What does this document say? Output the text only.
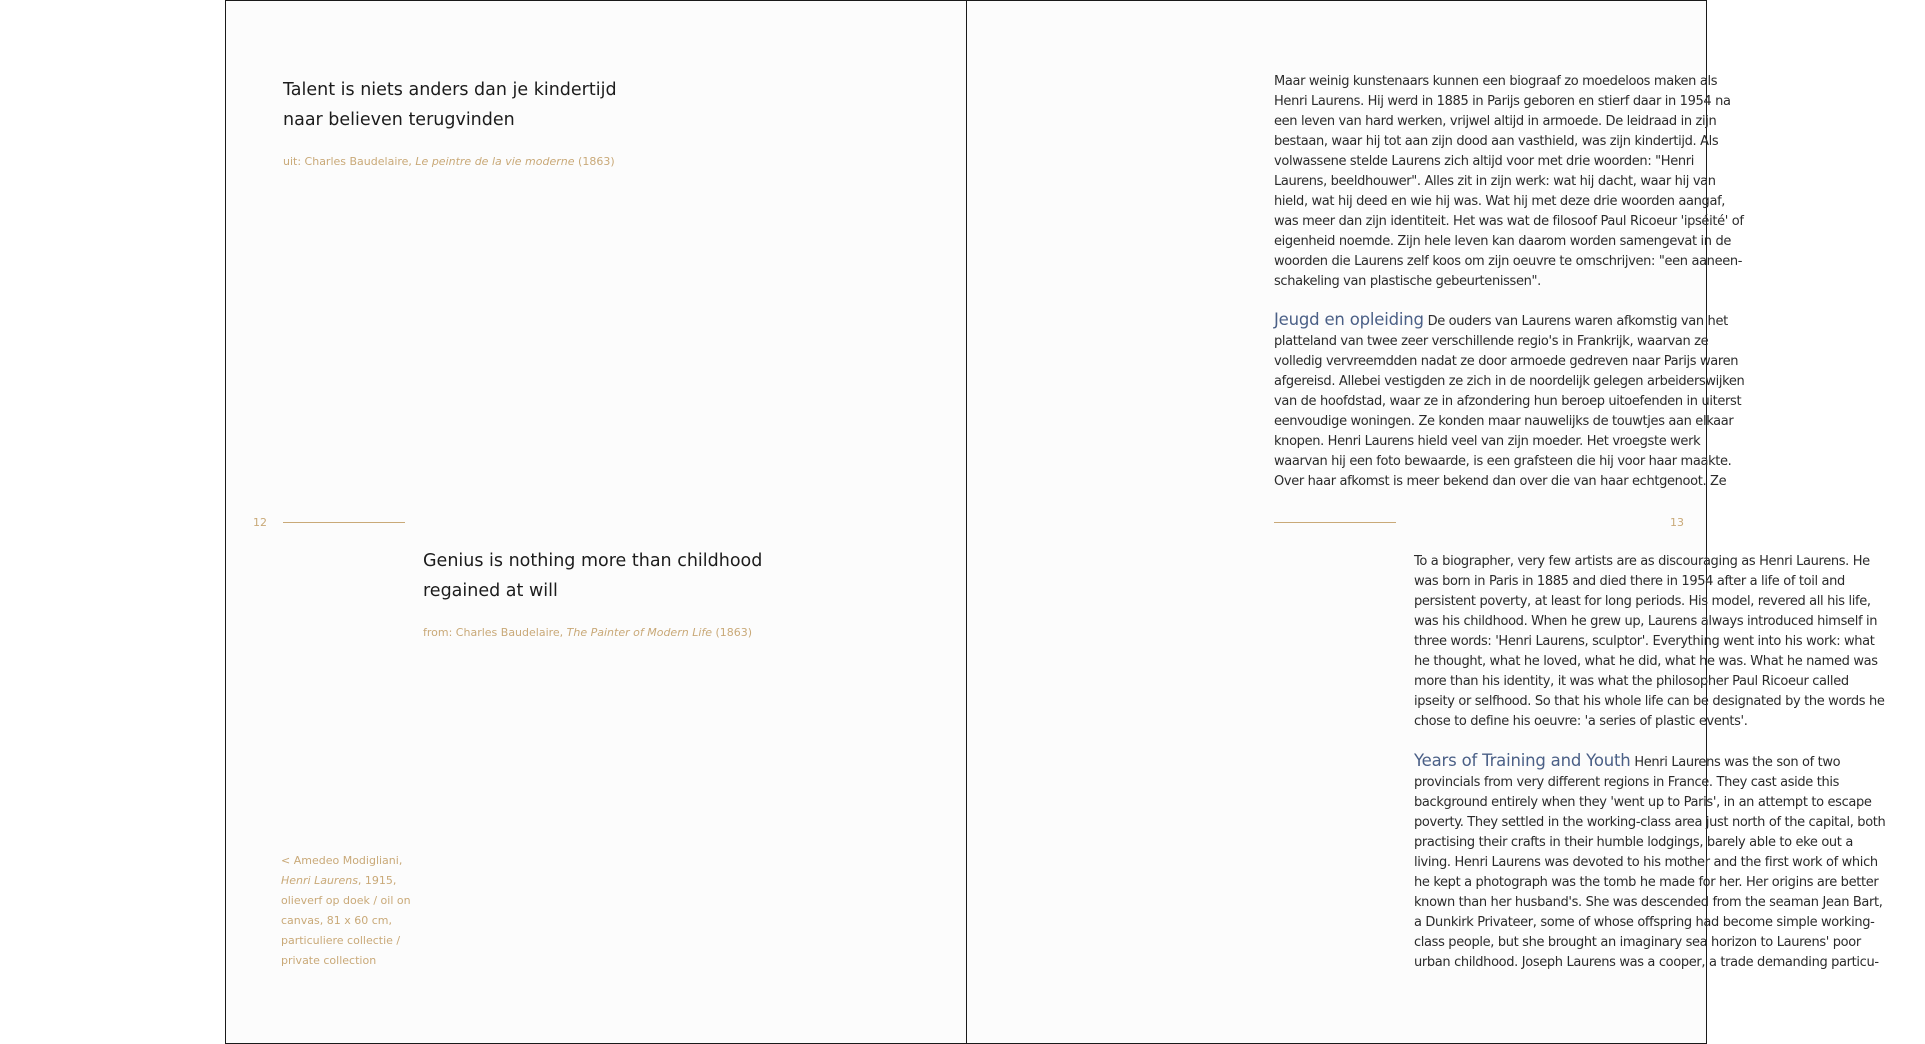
Talent is niets anders dan je kindertijd
naar believen terugvinden

uit: Charles Baudelaire, Le peintre de la vie moderne (1863)

12
Genius is nothing more than childhood
regained at will

from: Charles Baudelaire, The Painter of Modern Life (1863)

< Amedeo Modigliani,
Henri Laurens, 1915,
olieverf op doek / oil on
canvas, 81 x 60 cm,
particuliere collectie /
private collection

Maar weinig kunstenaars kunnen een biograaf zo moedeloos maken als
Henri Laurens. Hij werd in 1885 in Parijs geboren en stierf daar in 1954 na
een leven van hard werken, vrijwel altijd in armoede. De leidraad in zijn
bestaan, waar hij tot aan zijn dood aan vasthield, was zijn kindertijd. Als
volwassene stelde Laurens zich altijd voor met drie woorden: "Henri
Laurens, beeldhouwer". Alles zit in zijn werk: wat hij dacht, waar hij van
hield, wat hij deed en wie hij was. Wat hij met deze drie woorden aangaf,
was meer dan zijn identiteit. Het was wat de filosoof Paul Ricoeur 'ipséité' of
eigenheid noemde. Zijn hele leven kan daarom worden samengevat in de
woorden die Laurens zelf koos om zijn oeuvre te omschrijven: "een aaneen-
schakeling van plastische gebeurtenissen".
Jeugd en opleiding De ouders van Laurens waren afkomstig van het
platteland van twee zeer verschillende regio's in Frankrijk, waarvan ze
volledig vervreemdden nadat ze door armoede gedreven naar Parijs waren
afgereisd. Allebei vestigden ze zich in de noordelijk gelegen arbeiderswijken
van de hoofdstad, waar ze in afzondering hun beroep uitoefenden in uiterst
eenvoudige woningen. Ze konden maar nauwelijks de touwtjes aan elkaar
knopen. Henri Laurens hield veel van zijn moeder. Het vroegste werk
waarvan hij een foto bewaarde, is een grafsteen die hij voor haar maakte.
Over haar afkomst is meer bekend dan over die van haar echtgenoot. Ze
13
To a biographer, very few artists are as discouraging as Henri Laurens. He
was born in Paris in 1885 and died there in 1954 after a life of toil and
persistent poverty, at least for long periods. His model, revered all his life,
was his childhood. When he grew up, Laurens always introduced himself in
three words: 'Henri Laurens, sculptor'. Everything went into his work: what
he thought, what he loved, what he did, what he was. What he named was
more than his identity, it was what the philosopher Paul Ricoeur called
ipseity or selfhood. So that his whole life can be designated by the words he
chose to define his oeuvre: 'a series of plastic events'.
Years of Training and Youth Henri Laurens was the son of two
provincials from very different regions in France. They cast aside this
background entirely when they 'went up to Paris', in an attempt to escape
poverty. They settled in the working-class area just north of the capital, both
practising their crafts in their humble lodgings, barely able to eke out a
living. Henri Laurens was devoted to his mother and the first work of which
he kept a photograph was the tomb he made for her. Her origins are better
known than her husband's. She was descended from the seaman Jean Bart,
a Dunkirk Privateer, some of whose offspring had become simple working-
class people, but she brought an imaginary sea horizon to Laurens' poor
urban childhood. Joseph Laurens was a cooper, a trade demanding particu-
